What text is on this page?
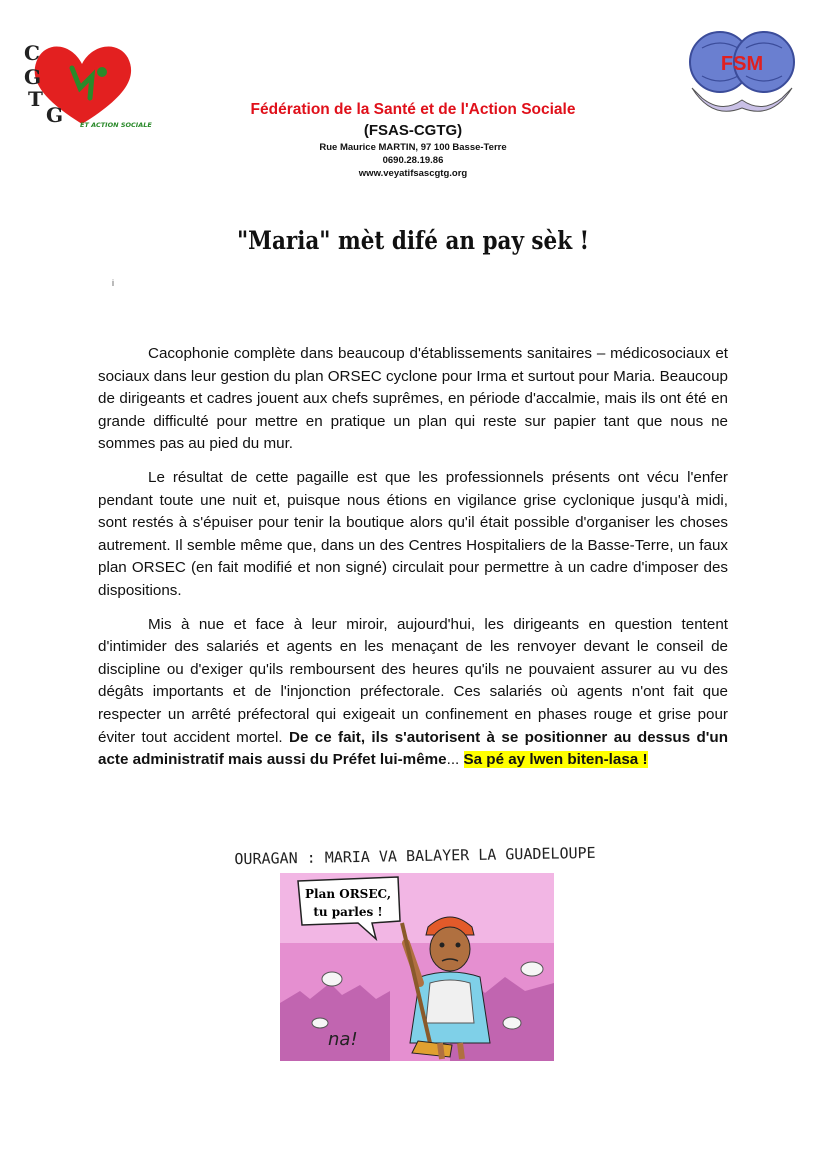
C
G
T
G	ET ACTION SOCIALE
FSM
Fédération de la Santé et de l'Action Sociale
(FSAS-CGTG)
Rue Maurice MARTIN, 97 100 Basse-Terre
0690.28.19.86
www.veyatifsascgtg.org
"Maria" mèt difé an pay sèk !
i

Cacophonie complète dans beaucoup d'établissements sanitaires – médicosociaux et sociaux dans leur gestion du plan ORSEC cyclone pour Irma et surtout pour Maria. Beaucoup de dirigeants et cadres jouent aux chefs suprêmes, en période d'accalmie, mais ils ont été en grande difficulté pour mettre en pratique un plan qui reste sur papier tant que nous ne sommes pas au pied du mur.

Le résultat de cette pagaille est que les professionnels présents ont vécu l'enfer pendant toute une nuit et, puisque nous étions en vigilance grise cyclonique jusqu'à midi, sont restés à s'épuiser pour tenir la boutique alors qu'il était possible d'organiser les choses autrement. Il semble même que, dans un des Centres Hospitaliers de la Basse-Terre, un faux plan ORSEC (en fait modifié et non signé) circulait pour permettre à un cadre d'imposer des dispositions.

Mis à nue et face à leur miroir, aujourd'hui, les dirigeants en question tentent d'intimider des salariés et agents en les menaçant de les renvoyer devant le conseil de discipline ou d'exiger qu'ils remboursent des heures qu'ils ne pouvaient assurer au vu des dégâts importants et de l'injonction préfectorale. Ces salariés où agents n'ont fait que respecter un arrêté préfectoral qui exigeait un confinement en phases rouge et grise pour éviter tout accident mortel. De ce fait, ils s'autorisent à se positionner au dessus d'un acte administratif mais aussi du Préfet lui-même... Sa pé ay lwen biten-lasa !

OURAGAN : MARIA VA BALAYER LA GUADELOUPE
Plan ORSEC,
tu parles !
na!
